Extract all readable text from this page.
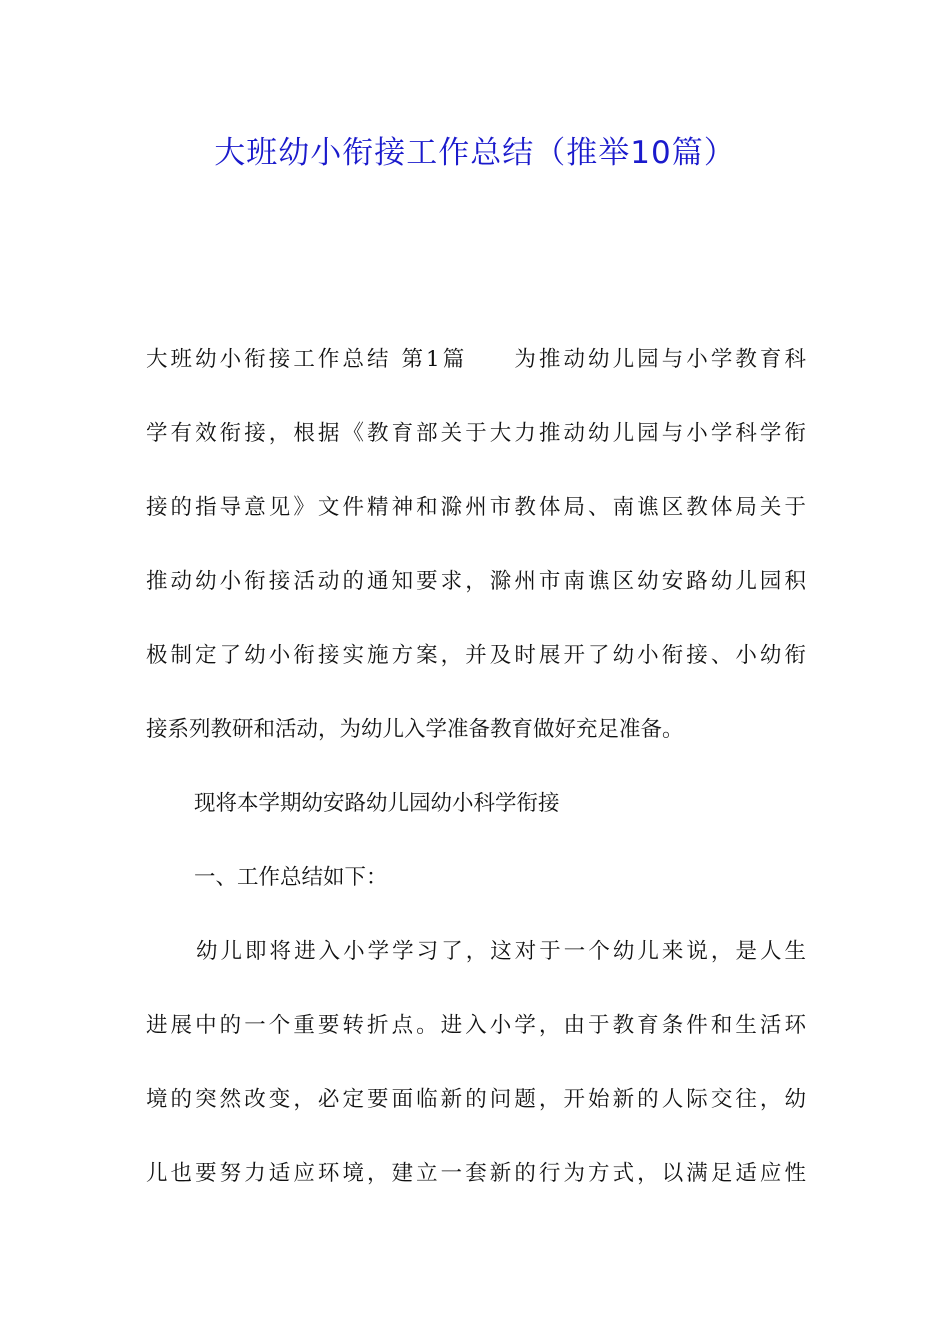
大班幼小衔接工作总结（推举10篇）
大班幼小衔接工作总结 第1篇 为推动幼儿园与小学教育科
学有效衔接，根据《教育部关于大力推动幼儿园与小学科学衔
接的指导意见》文件精神和滁州市教体局、南谯区教体局关于
推动幼小衔接活动的通知要求，滁州市南谯区幼安路幼儿园积
极制定了幼小衔接实施方案，并及时展开了幼小衔接、小幼衔
接系列教研和活动，为幼儿入学准备教育做好充足准备。
现将本学期幼安路幼儿园幼小科学衔接
一、工作总结如下：
幼儿即将进入小学学习了，这对于一个幼儿来说，是人生
进展中的一个重要转折点。进入小学，由于教育条件和生活环
境的突然改变，必定要面临新的问题，开始新的人际交往，幼
儿也要努力适应环境，建立一套新的行为方式，以满足适应性
